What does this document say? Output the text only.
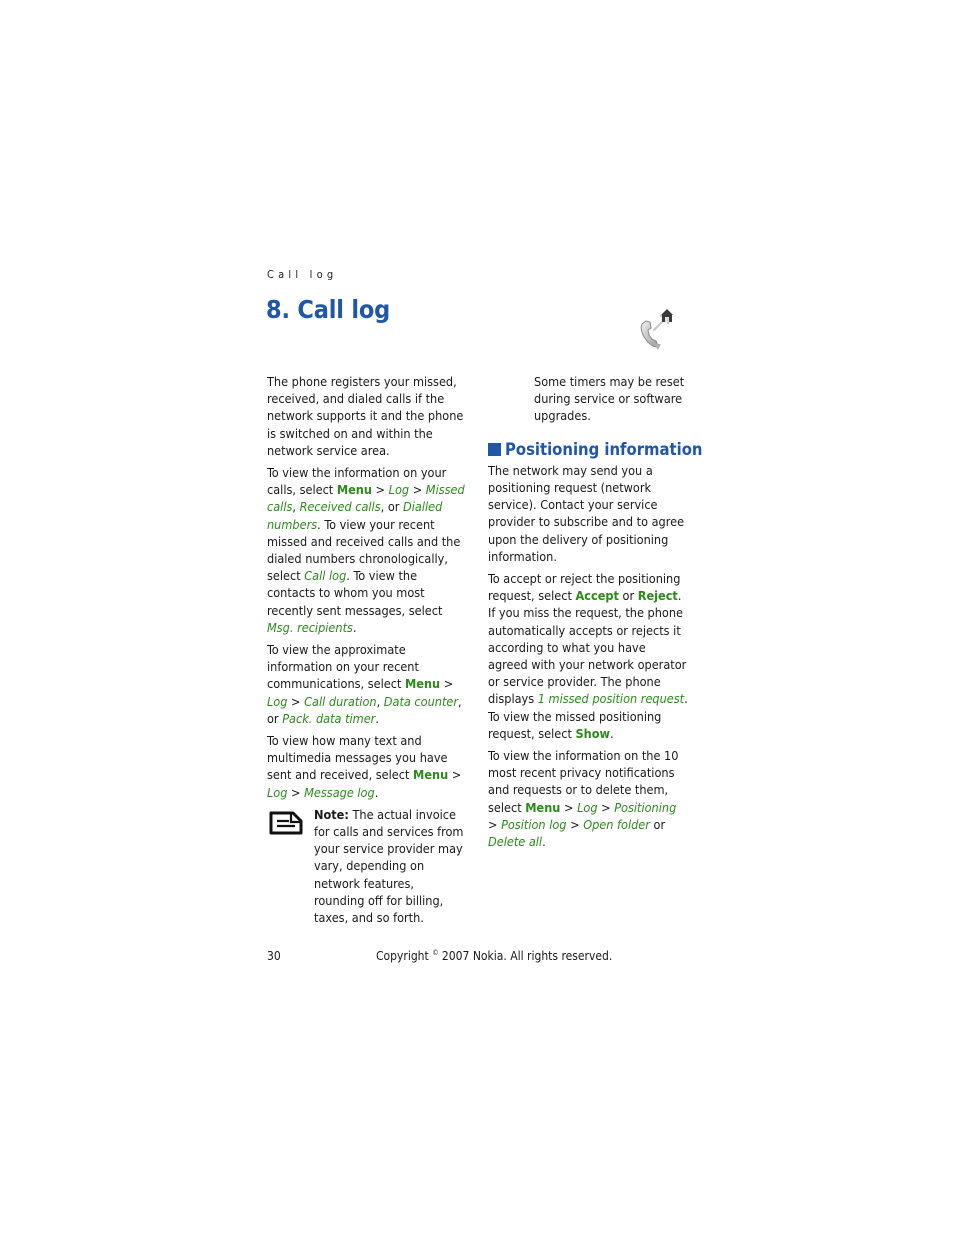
Call log
8. Call log

The phone registers your missed, received, and dialed calls if the network supports it and the phone is switched on and within the network service area.

To view the information on your calls, select Menu > Log > Missed calls, Received calls, or Dialled numbers. To view your recent missed and received calls and the dialed numbers chronologically, select Call log. To view the contacts to whom you most recently sent messages, select Msg. recipients.

To view the approximate information on your recent communications, select Menu > Log > Call duration, Data counter, or Pack. data timer.

To view how many text and multimedia messages you have sent and received, select Menu > Log > Message log.

Note: The actual invoice for calls and services from your service provider may vary, depending on network features, rounding off for billing, taxes, and so forth.

Some timers may be reset during service or software upgrades.

Positioning information

The network may send you a positioning request (network service). Contact your service provider to subscribe and to agree upon the delivery of positioning information.

To accept or reject the positioning request, select Accept or Reject. If you miss the request, the phone automatically accepts or rejects it according to what you have agreed with your network operator or service provider. The phone displays 1 missed position request. To view the missed positioning request, select Show.

To view the information on the 10 most recent privacy notifications and requests or to delete them, select Menu > Log > Positioning > Position log > Open folder or Delete all.

30	Copyright © 2007 Nokia. All rights reserved.
